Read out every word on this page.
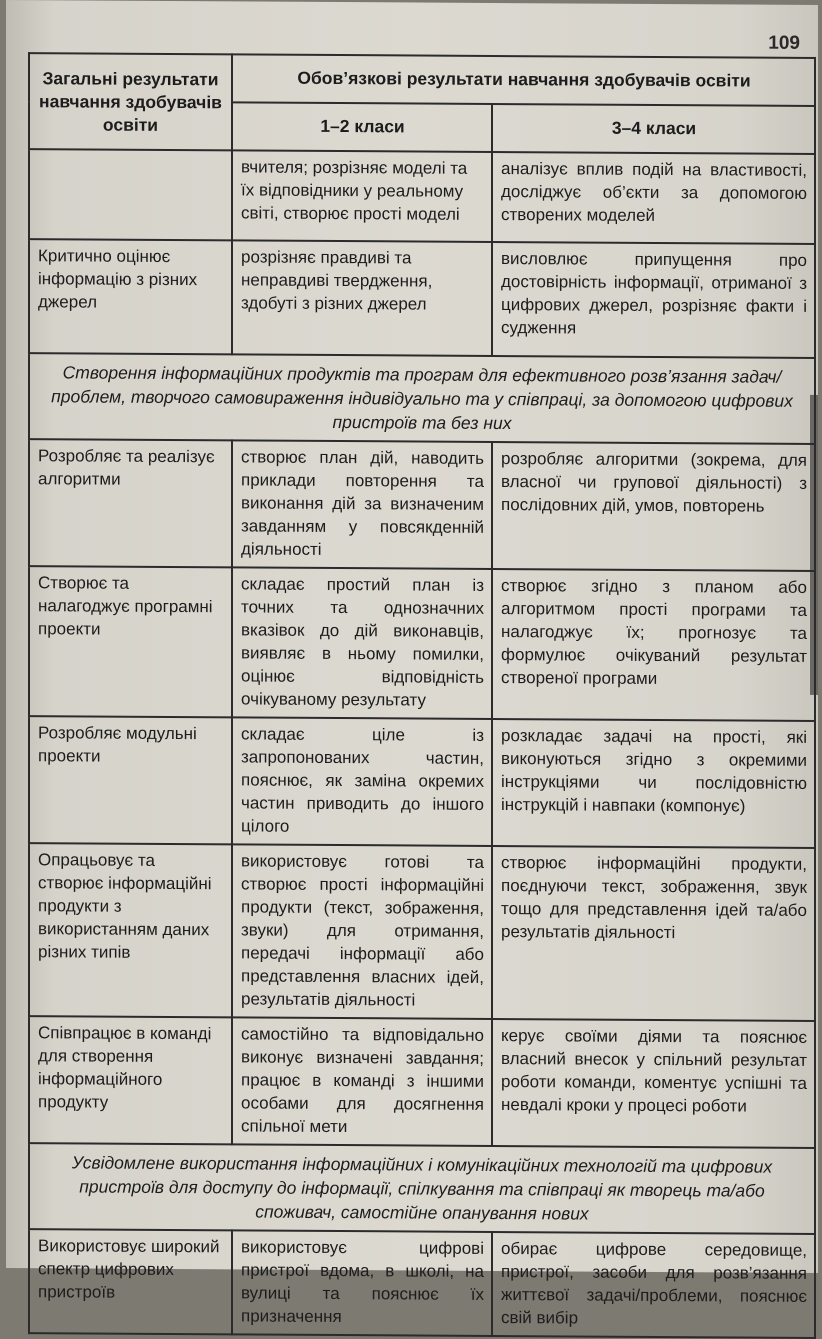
109
Загальні результати навчання здобувачів освіти	Обов’язкові результати навчання здобувачів освіти	
	1–2 класи	3–4 класи
	вчителя; розрізняє моделі та їх відповідники у реальному світі, створює прості моделі	аналізує вплив подій на властивості, досліджує об’єкти за допомогою створених моделей
Критично оцінює інформацію з різних джерел	розрізняє правдиві та неправдиві твердження, здобуті з різних джерел	висловлює припущення про достовірність інформації, отриманої з цифрових джерел, розрізняє факти і судження
Створення інформаційних продуктів та програм для ефективного розв’язання задач/проблем, творчого самовираження індивідуально та у співпраці, за допомогою цифрових пристроїв та без них		
Розробляє та реалізує алгоритми	створює план дій, наводить приклади повторення та виконання дій за визначеним завданням у повсякденній діяльності	розробляє алгоритми (зокрема, для власної чи групової діяльності) з послідовних дій, умов, повторень
Створює та налагоджує програмні проекти	складає простий план із точних та однозначних вказівок до дій виконавців, виявляє в ньому помилки, оцінює відповідність очікуваному результату	створює згідно з планом або алгоритмом прості програми та налагоджує їх; прогнозує та формулює очікуваний результат створеної програми
Розробляє модульні проекти	складає ціле із запропонованих частин, пояснює, як заміна окремих частин приводить до іншого цілого	розкладає задачі на прості, які виконуються згідно з окремими інструкціями чи послідовністю інструкцій і навпаки (компонує)
Опрацьовує та створює інформаційні продукти з використанням даних різних типів	використовує готові та створює прості інформаційні продукти (текст, зображення, звуки) для отримання, передачі інформації або представлення власних ідей, результатів діяльності	створює інформаційні продукти, поєднуючи текст, зображення, звук тощо для представлення ідей та/або результатів діяльності
Співпрацює в команді для створення інформаційного продукту	самостійно та відповідально виконує визначені завдання; працює в команді з іншими особами для досягнення спільної мети	керує своїми діями та пояснює власний внесок у спільний результат роботи команди, коментує успішні та невдалі кроки у процесі роботи
Усвідомлене використання інформаційних і комунікаційних технологій та цифрових пристроїв для доступу до інформації, спілкування та співпраці як творець та/або споживач, самостійне опанування нових		
Використовує широкий спектр цифрових пристроїв	використовує цифрові пристрої вдома, в школі, на вулиці та пояснює їх призначення	обирає цифрове середовище, пристрої, засоби для розв’язання життєвої задачі/проблеми, пояснює свій вибір
